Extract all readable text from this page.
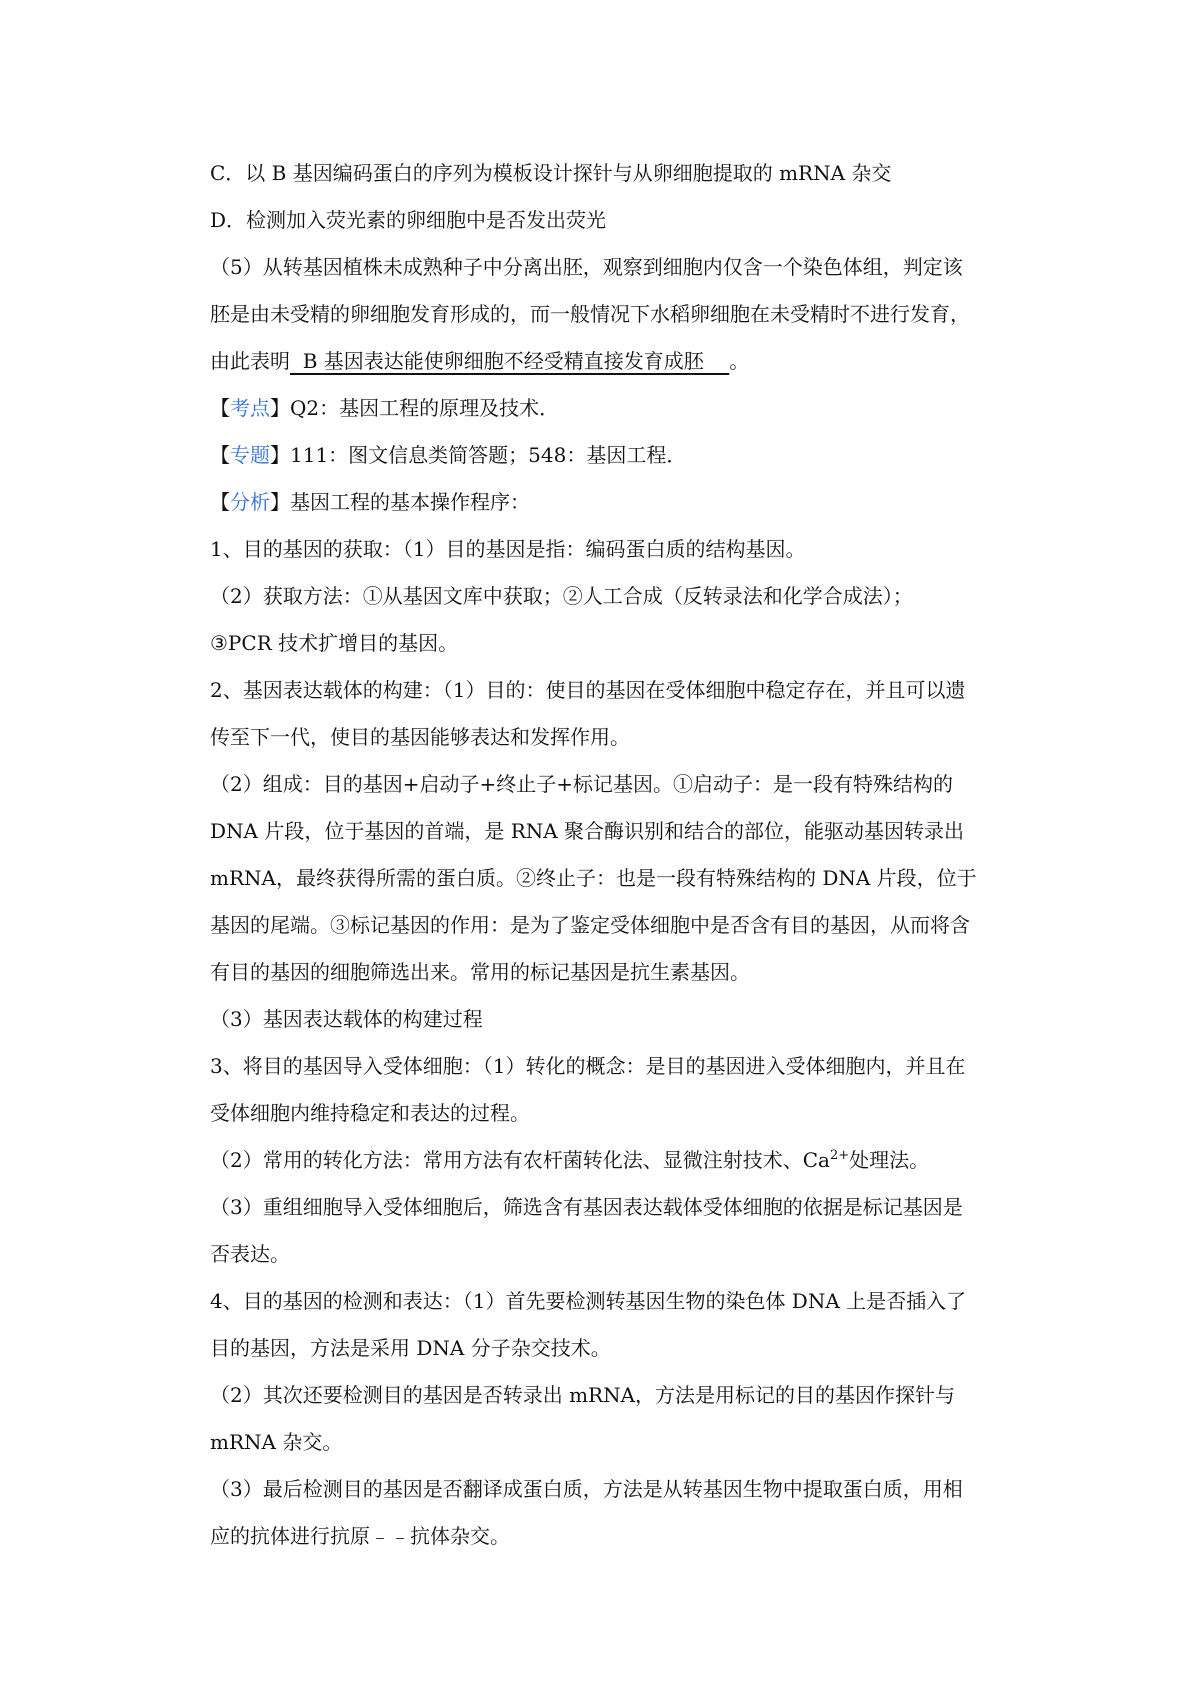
C．以 B 基因编码蛋白的序列为模板设计探针与从卵细胞提取的 mRNA 杂交
D．检测加入荧光素的卵细胞中是否发出荧光
（5）从转基因植株未成熟种子中分离出胚，观察到细胞内仅含一个染色体组，判定该
胚是由未受精的卵细胞发育形成的，而一般情况下水稻卵细胞在未受精时不进行发育，
由此表明  B 基因表达能使卵细胞不经受精直接发育成胚    。
【考点】Q2：基因工程的原理及技术．
【专题】111：图文信息类简答题；548：基因工程．
【分析】基因工程的基本操作程序：
1、目的基因的获取：（1）目的基因是指：编码蛋白质的结构基因。
（2）获取方法：①从基因文库中获取；②人工合成（反转录法和化学合成法）；
③PCR 技术扩增目的基因。
2、基因表达载体的构建：（1）目的：使目的基因在受体细胞中稳定存在，并且可以遗
传至下一代，使目的基因能够表达和发挥作用。
（2）组成：目的基因+启动子+终止子+标记基因。①启动子：是一段有特殊结构的
DNA 片段，位于基因的首端，是 RNA 聚合酶识别和结合的部位，能驱动基因转录出
mRNA，最终获得所需的蛋白质。②终止子：也是一段有特殊结构的 DNA 片段，位于
基因的尾端。③标记基因的作用：是为了鉴定受体细胞中是否含有目的基因，从而将含
有目的基因的细胞筛选出来。常用的标记基因是抗生素基因。
（3）基因表达载体的构建过程
3、将目的基因导入受体细胞：（1）转化的概念：是目的基因进入受体细胞内，并且在
受体细胞内维持稳定和表达的过程。
（2）常用的转化方法：常用方法有农杆菌转化法、显微注射技术、$Ca^{2+}$处理法。
（3）重组细胞导入受体细胞后，筛选含有基因表达载体受体细胞的依据是标记基因是
否表达。
4、目的基因的检测和表达：（1）首先要检测转基因生物的染色体 DNA 上是否插入了
目的基因，方法是采用 DNA 分子杂交技术。
（2）其次还要检测目的基因是否转录出 mRNA，方法是用标记的目的基因作探针与
mRNA 杂交。
（3）最后检测目的基因是否翻译成蛋白质，方法是从转基因生物中提取蛋白质，用相
应的抗体进行抗原﹣﹣抗体杂交。
